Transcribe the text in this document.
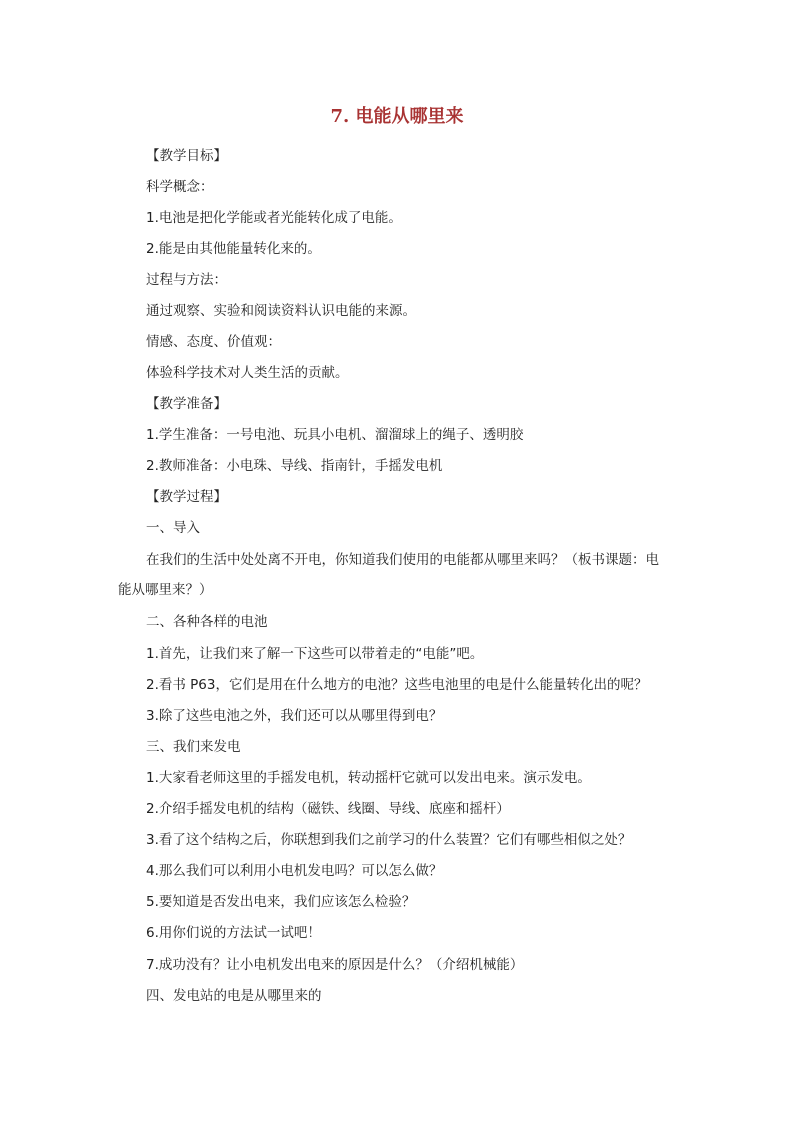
7. 电能从哪里来
【教学目标】
科学概念：
1.电池是把化学能或者光能转化成了电能。
2.能是由其他能量转化来的。
过程与方法：
通过观察、实验和阅读资料认识电能的来源。
情感、态度、价值观：
体验科学技术对人类生活的贡献。
【教学准备】
1.学生准备：一号电池、玩具小电机、溜溜球上的绳子、透明胶
2.教师准备：小电珠、导线、指南针，手摇发电机
【教学过程】
一、导入
在我们的生活中处处离不开电，你知道我们使用的电能都从哪里来吗？（板书课题：电
能从哪里来？）
二、各种各样的电池
1.首先，让我们来了解一下这些可以带着走的“电能”吧。
2.看书 P63，它们是用在什么地方的电池？这些电池里的电是什么能量转化出的呢？
3.除了这些电池之外，我们还可以从哪里得到电？
三、我们来发电
1.大家看老师这里的手摇发电机，转动摇杆它就可以发出电来。演示发电。
2.介绍手摇发电机的结构（磁铁、线圈、导线、底座和摇杆）
3.看了这个结构之后，你联想到我们之前学习的什么装置？它们有哪些相似之处？
4.那么我们可以利用小电机发电吗？可以怎么做？
5.要知道是否发出电来，我们应该怎么检验？
6.用你们说的方法试一试吧！
7.成功没有？让小电机发出电来的原因是什么？（介绍机械能）
四、发电站的电是从哪里来的
